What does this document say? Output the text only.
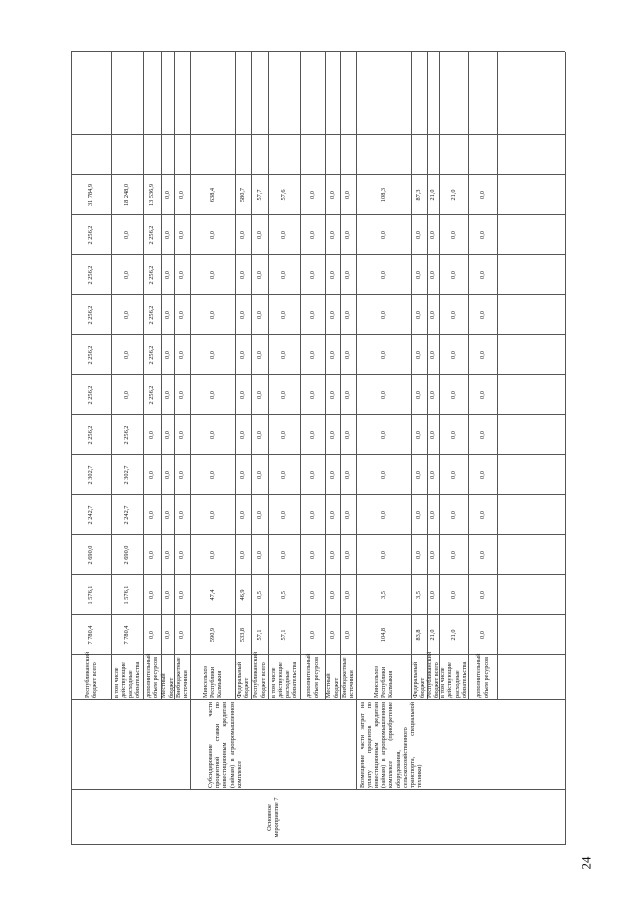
Основное мероприятие 7
Субсидирование части процентной ставки по инвестиционным кредитам (займам) в агропромышленном комплексе
Минсельхоз Республики Калмыкия
Возмещение части затрат на уплату процентов по инвестиционным кредитам (займам) в агропромышленном комплексе (приобретение оборудования, сельскохозяйственного транспорта, специальной техники)
Минсельхоз Республики Калмыкия
Республиканский бюджет всего
7 780,4
1 576,1
2 690,0
2 242,7
2 302,7
2 256,2
2 256,2
2 256,2
2 256,2
2 256,2
2 256,2
31 784,9
в том числе действующие расходные обязательства
7 780,4
1 576,1
2 690,0
2 242,7
2 302,7
2 256,2
0,0
0,0
0,0
0,0
0,0
18 248,0
дополнительный объем ресурсов
0,0
0,0
0,0
0,0
0,0
0,0
2 256,2
2 256,2
2 256,2
2 256,2
2 256,2
13 536,9
Местный бюджет
0,0
0,0
0,0
0,0
0,0
0,0
0,0
0,0
0,0
0,0
0,0
0,0
Внебюджетные источники
0,0
0,0
0,0
0,0
0,0
0,0
0,0
0,0
0,0
0,0
0,0
0,0
590,9
47,4
0,0
0,0
0,0
0,0
0,0
0,0
0,0
0,0
0,0
638,4
Федеральный бюджет
533,8
46,9
0,0
0,0
0,0
0,0
0,0
0,0
0,0
0,0
0,0
580,7
Республиканский бюджет всего
57,1
0,5
0,0
0,0
0,0
0,0
0,0
0,0
0,0
0,0
0,0
57,7
в том числе действующие расходные обязательства
57,1
0,5
0,0
0,0
0,0
0,0
0,0
0,0
0,0
0,0
0,0
57,6
дополнительный объем ресурсов
0,0
0,0
0,0
0,0
0,0
0,0
0,0
0,0
0,0
0,0
0,0
0,0
Местный бюджет
0,0
0,0
0,0
0,0
0,0
0,0
0,0
0,0
0,0
0,0
0,0
0,0
Внебюджетные источники
0,0
0,0
0,0
0,0
0,0
0,0
0,0
0,0
0,0
0,0
0,0
0,0
104,8
3,5
0,0
0,0
0,0
0,0
0,0
0,0
0,0
0,0
0,0
108,3
Федеральный бюджет
83,8
3,5
0,0
0,0
0,0
0,0
0,0
0,0
0,0
0,0
0,0
87,3
Республиканский бюджет всего
21,0
0,0
0,0
0,0
0,0
0,0
0,0
0,0
0,0
0,0
0,0
21,0
в том числе действующие расходные обязательства
21,0
0,0
0,0
0,0
0,0
0,0
0,0
0,0
0,0
0,0
0,0
21,0
дополнительный объем ресурсов
0,0
0,0
0,0
0,0
0,0
0,0
0,0
0,0
0,0
0,0
0,0
0,0
24
